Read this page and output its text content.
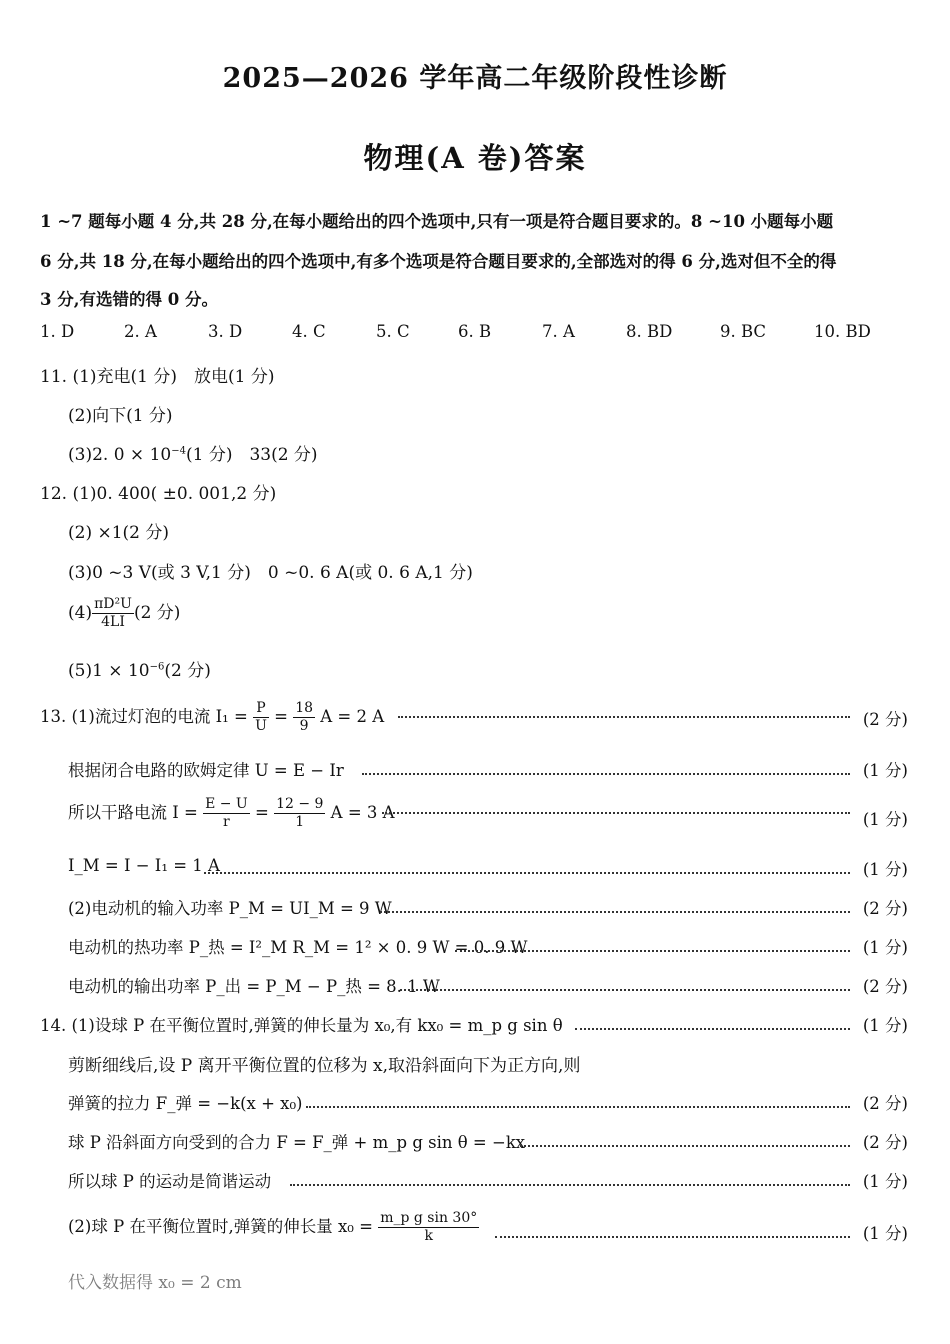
2025—2026 学年高二年级阶段性诊断
物理(A 卷)答案
1 ~7 题每小题 4 分,共 28 分,在每小题给出的四个选项中,只有一项是符合题目要求的。8 ~10 小题每小题
6 分,共 18 分,在每小题给出的四个选项中,有多个选项是符合题目要求的,全部选对的得 6 分,选对但不全的得
3 分,有选错的得 0 分。
1. D	2. A	3. D	4. C	5. C	6. B	7. A	8. BD	9. BC	10. BD
11. (1)充电(1 分)　放电(1 分)
(2)向下(1 分)
(3)2. $0 \times 10^{-4}(1$ 分)　33(2 分)
12. (1)0. 400( ±0. 001,2 分)
(2) ×1(2 分)
(3)0 ~3 V(或 3 V,1 分)　0 ~0. 6 A(或 0. 6 A,1 分)
$(4) \frac{\text{πD²U}}{4LI} (2$ 分)
$(5)1 \times 10^{-6}(2$ 分)
13. (1)流过灯泡的电流 $I_1 = \frac{P}{U} = \frac{18}{9}$ A = 2 A	(2 分)
根据闭合电路的欧姆定律 U = E − Ir	(1 分)
所以干路电流 $I = \frac{E - U}{r} = \frac{12 - 9}{1}$ A = 3 A	(1 分)
I_M = I − I₁ = 1 A	(1 分)
(2)电动机的输入功率 P_M = UI_M = 9 W	(2 分)
电动机的热功率 P_热 = I²_M R_M = 1² × 0. 9 W = 0. 9 W	(1 分)
电动机的输出功率 P_出 = P_M − P_热 = 8. 1 W	(2 分)
14. (1)设球 P 在平衡位置时,弹簧的伸长量为 x₀,有 kx₀ = m_p g sin θ	(1 分)
剪断细线后,设 P 离开平衡位置的位移为 x,取沿斜面向下为正方向,则
弹簧的拉力 F_弹 = −k(x + x₀)	(2 分)
球 P 沿斜面方向受到的合力 F = F_弹 + m_p g sin θ = −kx	(2 分)
所以球 P 的运动是简谐运动	(1 分)
(2)球 P 在平衡位置时,弹簧的伸长量 $x_0 = \frac{\text{m\_p g sin 30°}}{k}$	(1 分)
代入数据得 x₀ = 2 cm
